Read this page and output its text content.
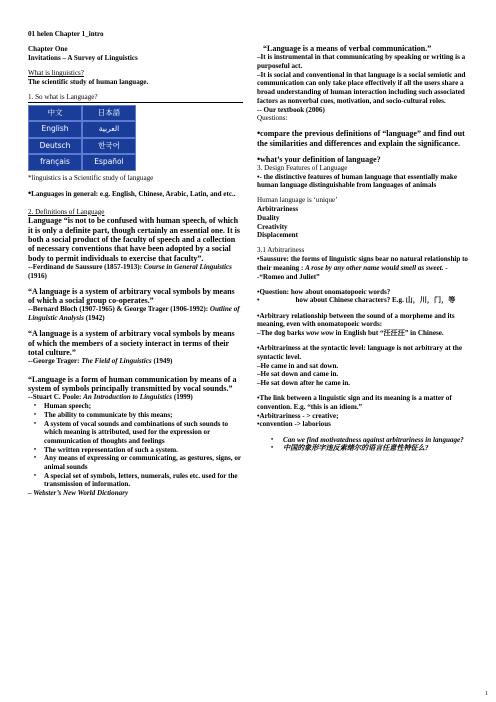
01 helen Chapter 1_intro

Chapter One

Invitations – A Survey of Linguistics

What is linguistics?

The scientific study of human language.

1. So what is Language?

中文	日本語
English	العربية
Deutsch	한국어
français	Español

*linguistics is a Scientific study of language

•Languages in general: e.g. English, Chinese, Arabic, Latin, and etc..

2. Definitions of Language

Language “is not to be confused with human speech, of which it is only a definite part, though certainly an essential one. It is both a social product of the faculty of speech and a collection of necessary conventions that have been adopted by a social body to permit individuals to exercise that faculty”.

--Ferdinand de Saussure (1857-1913): Course in General Linguistics (1916)

“A language is a system of arbitrary vocal symbols by means of which a social group co-operates.”

--Bernard Bloch (1907-1965) & George Trager (1906-1992): Outline of Linguistic Analysis (1942)

“A language is a system of arbitrary vocal symbols by means of which the members of a society interact in terms of their total culture.”

--George Trager: The Field of Linguistics (1949)

“Language is a form of human communication by means of a system of symbols principally transmitted by vocal sounds.”

--Stuart C. Poole: An Introduction to Linguistics (1999)

• Human speech;

• The ability to communicate by this means;

• A system of vocal sounds and combinations of such sounds to which meaning is attributed, used for the expression or communication of thoughts and feelings

• The written representation of such a system.

• Any means of expressing or communicating, as gestures, signs, or animal sounds

• A special set of symbols, letters, numerals, rules etc. used for the transmission of information.

– Webster’s New World Dictionary

“Language is a means of verbal communication.”

–It is instrumental in that communicating by speaking or writing is a purposeful act.

–It is social and conventional in that language is a social semiotic and communication can only take place effectively if all the users share a broad understanding of human interaction including such associated factors as nonverbal cues, motivation, and socio-cultural roles.

-- Our textbook (2006)

Questions:

•compare the previous definitions of “language” and find out the similarities and differences and explain the significance.

•what’s your definition of language?

3. Design Features of Language

•- the distinctive features of human language that essentially make human language distinguishable from languages of animals

Human language is ‘unique’

Arbitrariness

Duality

Creativity

Displacement

3.1 Arbitrariness

•Saussure: the forms of linguistic signs bear no natural relationship to their meaning : A rose by any other name would smell as sweet. --“Romeo and Juliet”

•Question: how about onomatopoeic words?

•	how about Chinese characters? E.g. 山，川，门，等

•Arbitrary relationship between the sound of a morpheme and its meaning, even with onomatopoeic words:

–The dog barks wow wow in English but “汪汪汪” in Chinese.

•Arbitrariness at the syntactic level: language is not arbitrary at the syntactic level.

–He came in and sat down.

–He sat down and came in.

–He sat down after he came in.

•The link between a linguistic sign and its meaning is a matter of convention. E.g. “this is an idiom.”

•Arbitrariness - > creative;

•convention -> laborious

• Can we find motivatedness against arbitrariness in language?

• 中国的象形字违反索绪尔的语言任意性特征么?

1
